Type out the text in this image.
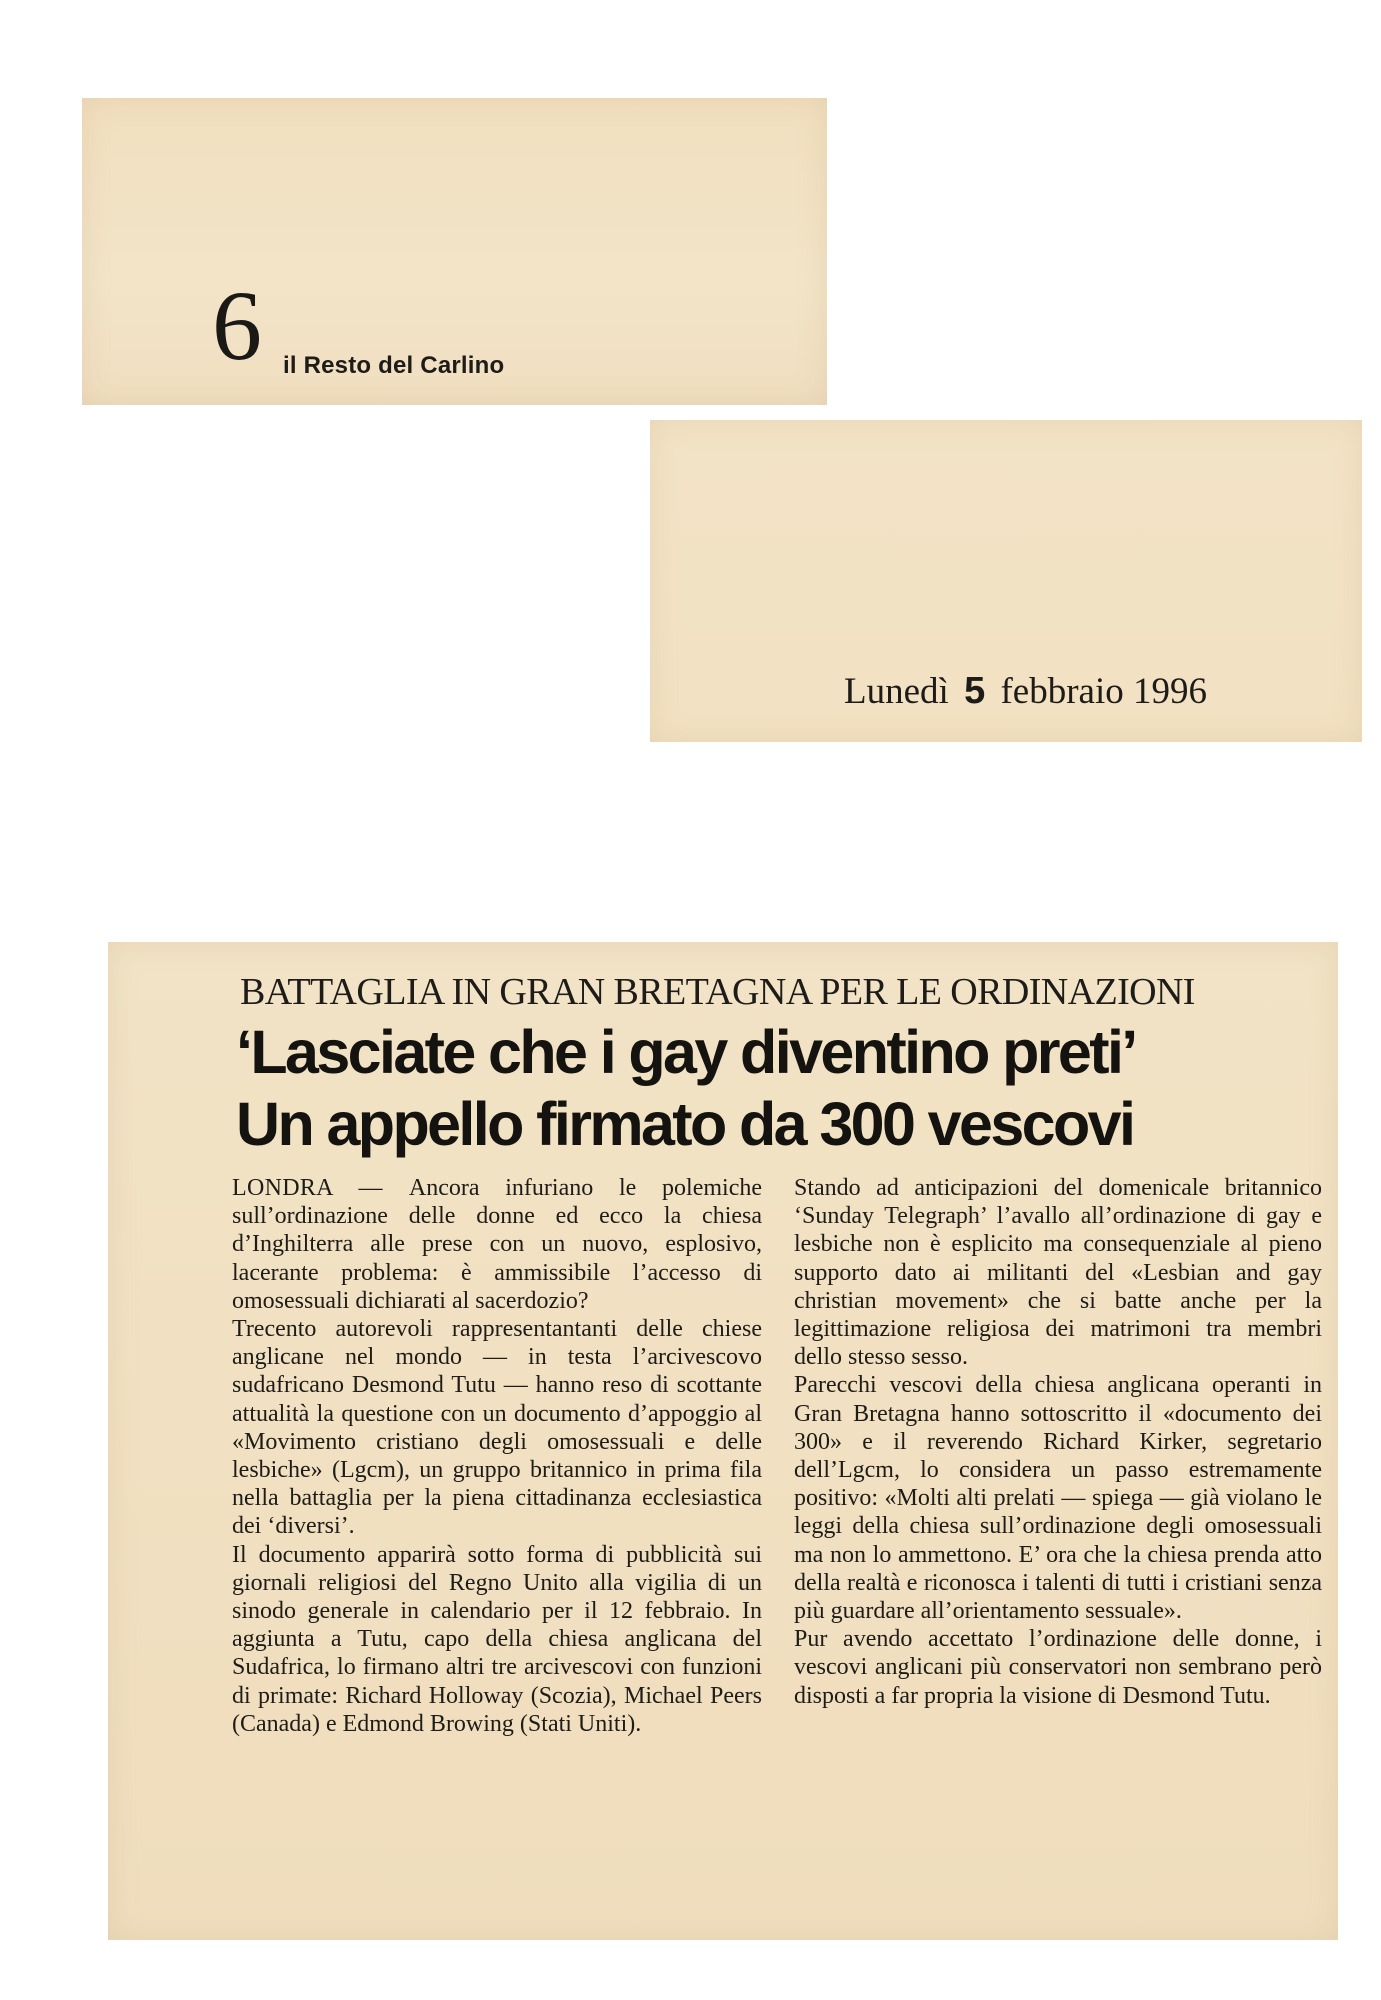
6 il Resto del Carlino
Lunedì 5 febbraio 1996
BATTAGLIA IN GRAN BRETAGNA PER LE ORDINAZIONI
‘Lasciate che i gay diventino preti’
Un appello firmato da 300 vescovi

LONDRA — Ancora infuriano le polemiche sull’ordinazione delle donne ed ecco la chiesa d’Inghilterra alle prese con un nuovo, esplosivo, lacerante problema: è ammissibile l’accesso di omosessuali dichiarati al sacerdozio?

Trecento autorevoli rappresentantanti delle chiese anglicane nel mondo — in testa l’arcivescovo sudafricano Desmond Tutu — hanno reso di scottante attualità la questione con un documento d’appoggio al «Movimento cristiano degli omosessuali e delle lesbiche» (Lgcm), un gruppo britannico in prima fila nella battaglia per la piena cittadinanza ecclesiastica dei ‘diversi’.

Il documento apparirà sotto forma di pubblicità sui giornali religiosi del Regno Unito alla vigilia di un sinodo generale in calendario per il 12 febbraio. In aggiunta a Tutu, capo della chiesa anglicana del Sudafrica, lo firmano altri tre arcivescovi con funzioni di primate: Richard Holloway (Scozia), Michael Peers (Canada) e Edmond Browing (Stati Uniti).

Stando ad anticipazioni del domenicale britannico ‘Sunday Telegraph’ l’avallo all’ordinazione di gay e lesbiche non è esplicito ma consequenziale al pieno supporto dato ai militanti del «Lesbian and gay christian movement» che si batte anche per la legittimazione religiosa dei matrimoni tra membri dello stesso sesso.

Parecchi vescovi della chiesa anglicana operanti in Gran Bretagna hanno sottoscritto il «documento dei 300» e il reverendo Richard Kirker, segretario dell’Lgcm, lo considera un passo estremamente positivo: «Molti alti prelati — spiega — già violano le leggi della chiesa sull’ordinazione degli omosessuali ma non lo ammettono. E’ ora che la chiesa prenda atto della realtà e riconosca i talenti di tutti i cristiani senza più guardare all’orientamento sessuale».

Pur avendo accettato l’ordinazione delle donne, i vescovi anglicani più conservatori non sembrano però disposti a far propria la visione di Desmond Tutu.
